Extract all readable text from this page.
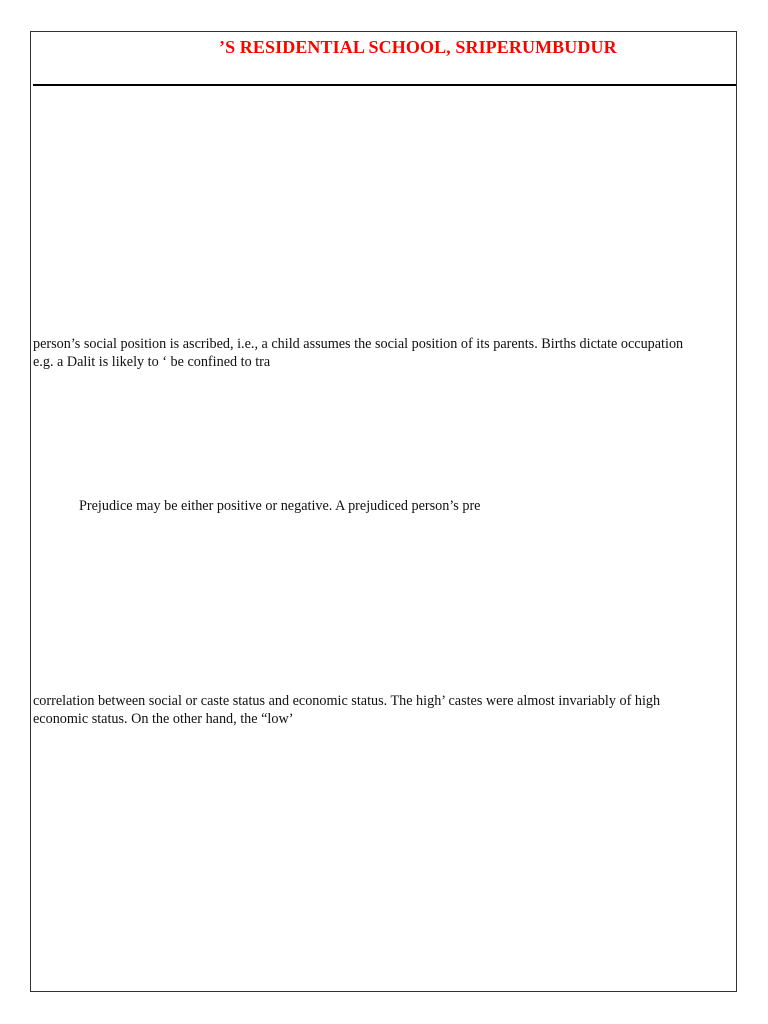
’S RESIDENTIAL SCHOOL, SRIPERUMBUDUR
person’s social position is ascribed, i.e., a child assumes the social position of its parents. Births dictate occupation
e.g. a Dalit is likely to ‘ be confined to tra
Prejudice may be either positive or negative. A prejudiced person’s pre
correlation between social or caste status and economic status. The high’ castes were almost invariably of high
economic status. On the other hand, the “low’
